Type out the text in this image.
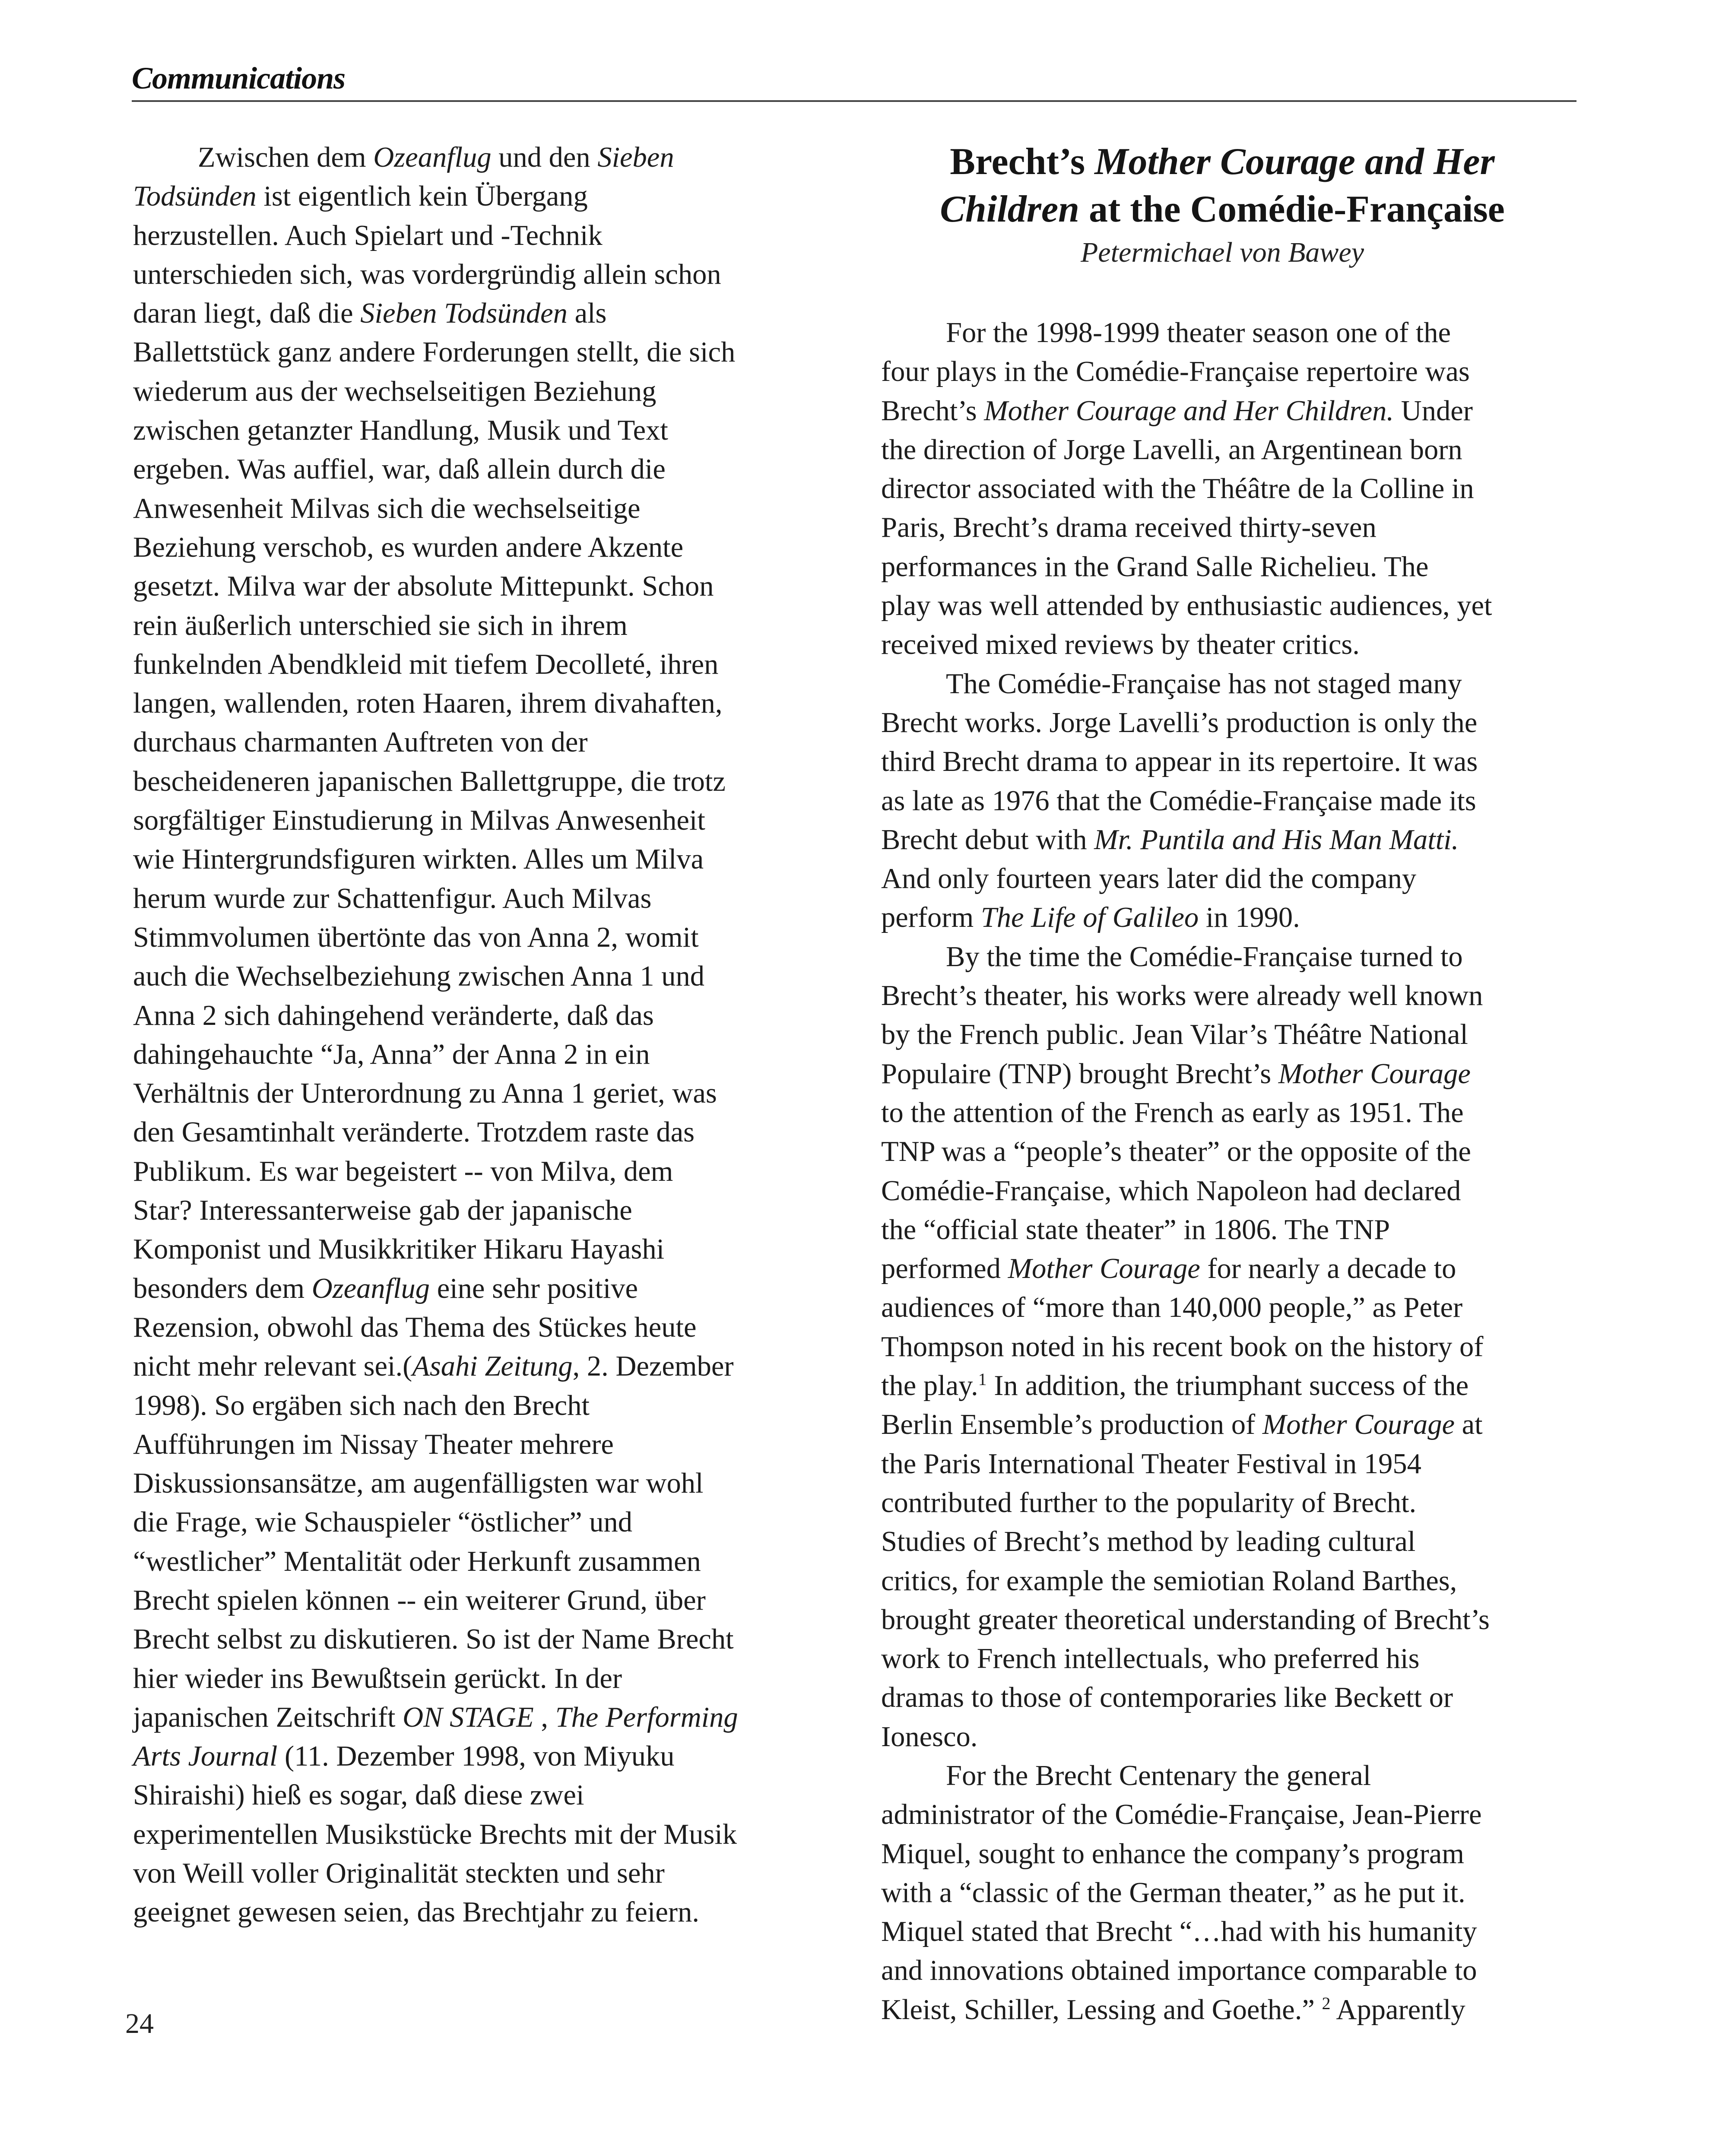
Communications
Zwischen dem Ozeanflug und den Sieben
Todsünden ist eigentlich kein Übergang
herzustellen. Auch Spielart und -Technik
unterschieden sich, was vordergründig allein schon
daran liegt, daß die Sieben Todsünden als
Ballettstück ganz andere Forderungen stellt, die sich
wiederum aus der wechselseitigen Beziehung
zwischen getanzter Handlung, Musik und Text
ergeben. Was auffiel, war, daß allein durch die
Anwesenheit Milvas sich die wechselseitige
Beziehung verschob, es wurden andere Akzente
gesetzt. Milva war der absolute Mittepunkt. Schon
rein äußerlich unterschied sie sich in ihrem
funkelnden Abendkleid mit tiefem Decolleté, ihren
langen, wallenden, roten Haaren, ihrem divahaften,
durchaus charmanten Auftreten von der
bescheideneren japanischen Ballettgruppe, die trotz
sorgfältiger Einstudierung in Milvas Anwesenheit
wie Hintergrundsfiguren wirkten. Alles um Milva
herum wurde zur Schattenfigur. Auch Milvas
Stimmvolumen übertönte das von Anna 2, womit
auch die Wechselbeziehung zwischen Anna 1 und
Anna 2 sich dahingehend veränderte, daß das
dahingehauchte “Ja, Anna” der Anna 2 in ein
Verhältnis der Unterordnung zu Anna 1 geriet, was
den Gesamtinhalt veränderte. Trotzdem raste das
Publikum. Es war begeistert -- von Milva, dem
Star? Interessanterweise gab der japanische
Komponist und Musikkritiker Hikaru Hayashi
besonders dem Ozeanflug eine sehr positive
Rezension, obwohl das Thema des Stückes heute
nicht mehr relevant sei.(Asahi Zeitung, 2. Dezember
1998). So ergäben sich nach den Brecht
Aufführungen im Nissay Theater mehrere
Diskussionsansätze, am augenfälligsten war wohl
die Frage, wie Schauspieler “östlicher” und
“westlicher” Mentalität oder Herkunft zusammen
Brecht spielen können -- ein weiterer Grund, über
Brecht selbst zu diskutieren. So ist der Name Brecht
hier wieder ins Bewußtsein gerückt. In der
japanischen Zeitschrift ON STAGE , The Performing
Arts Journal (11. Dezember 1998, von Miyuku
Shiraishi) hieß es sogar, daß diese zwei
experimentellen Musikstücke Brechts mit der Musik
von Weill voller Originalität steckten und sehr
geeignet gewesen seien, das Brechtjahr zu feiern.
Brecht’s Mother Courage and Her
Children at the Comédie-Française
Petermichael von Bawey
For the 1998-1999 theater season one of the
four plays in the Comédie-Française repertoire was
Brecht’s Mother Courage and Her Children. Under
the direction of Jorge Lavelli, an Argentinean born
director associated with the Théâtre de la Colline in
Paris, Brecht’s drama received thirty-seven
performances in the Grand Salle Richelieu. The
play was well attended by enthusiastic audiences, yet
received mixed reviews by theater critics.
The Comédie-Française has not staged many
Brecht works. Jorge Lavelli’s production is only the
third Brecht drama to appear in its repertoire. It was
as late as 1976 that the Comédie-Française made its
Brecht debut with Mr. Puntila and His Man Matti.
And only fourteen years later did the company
perform The Life of Galileo in 1990.
By the time the Comédie-Française turned to
Brecht’s theater, his works were already well known
by the French public. Jean Vilar’s Théâtre National
Populaire (TNP) brought Brecht’s Mother Courage
to the attention of the French as early as 1951. The
TNP was a “people’s theater” or the opposite of the
Comédie-Française, which Napoleon had declared
the “official state theater” in 1806. The TNP
performed Mother Courage for nearly a decade to
audiences of “more than 140,000 people,” as Peter
Thompson noted in his recent book on the history of
the play.$^1$ In addition, the triumphant success of the
Berlin Ensemble’s production of Mother Courage at
the Paris International Theater Festival in 1954
contributed further to the popularity of Brecht.
Studies of Brecht’s method by leading cultural
critics, for example the semiotian Roland Barthes,
brought greater theoretical understanding of Brecht’s
work to French intellectuals, who preferred his
dramas to those of contemporaries like Beckett or
Ionesco.
For the Brecht Centenary the general
administrator of the Comédie-Française, Jean-Pierre
Miquel, sought to enhance the company’s program
with a “classic of the German theater,” as he put it.
Miquel stated that Brecht “…had with his humanity
and innovations obtained importance comparable to
Kleist, Schiller, Lessing and Goethe.” $^2$ Apparently
24
